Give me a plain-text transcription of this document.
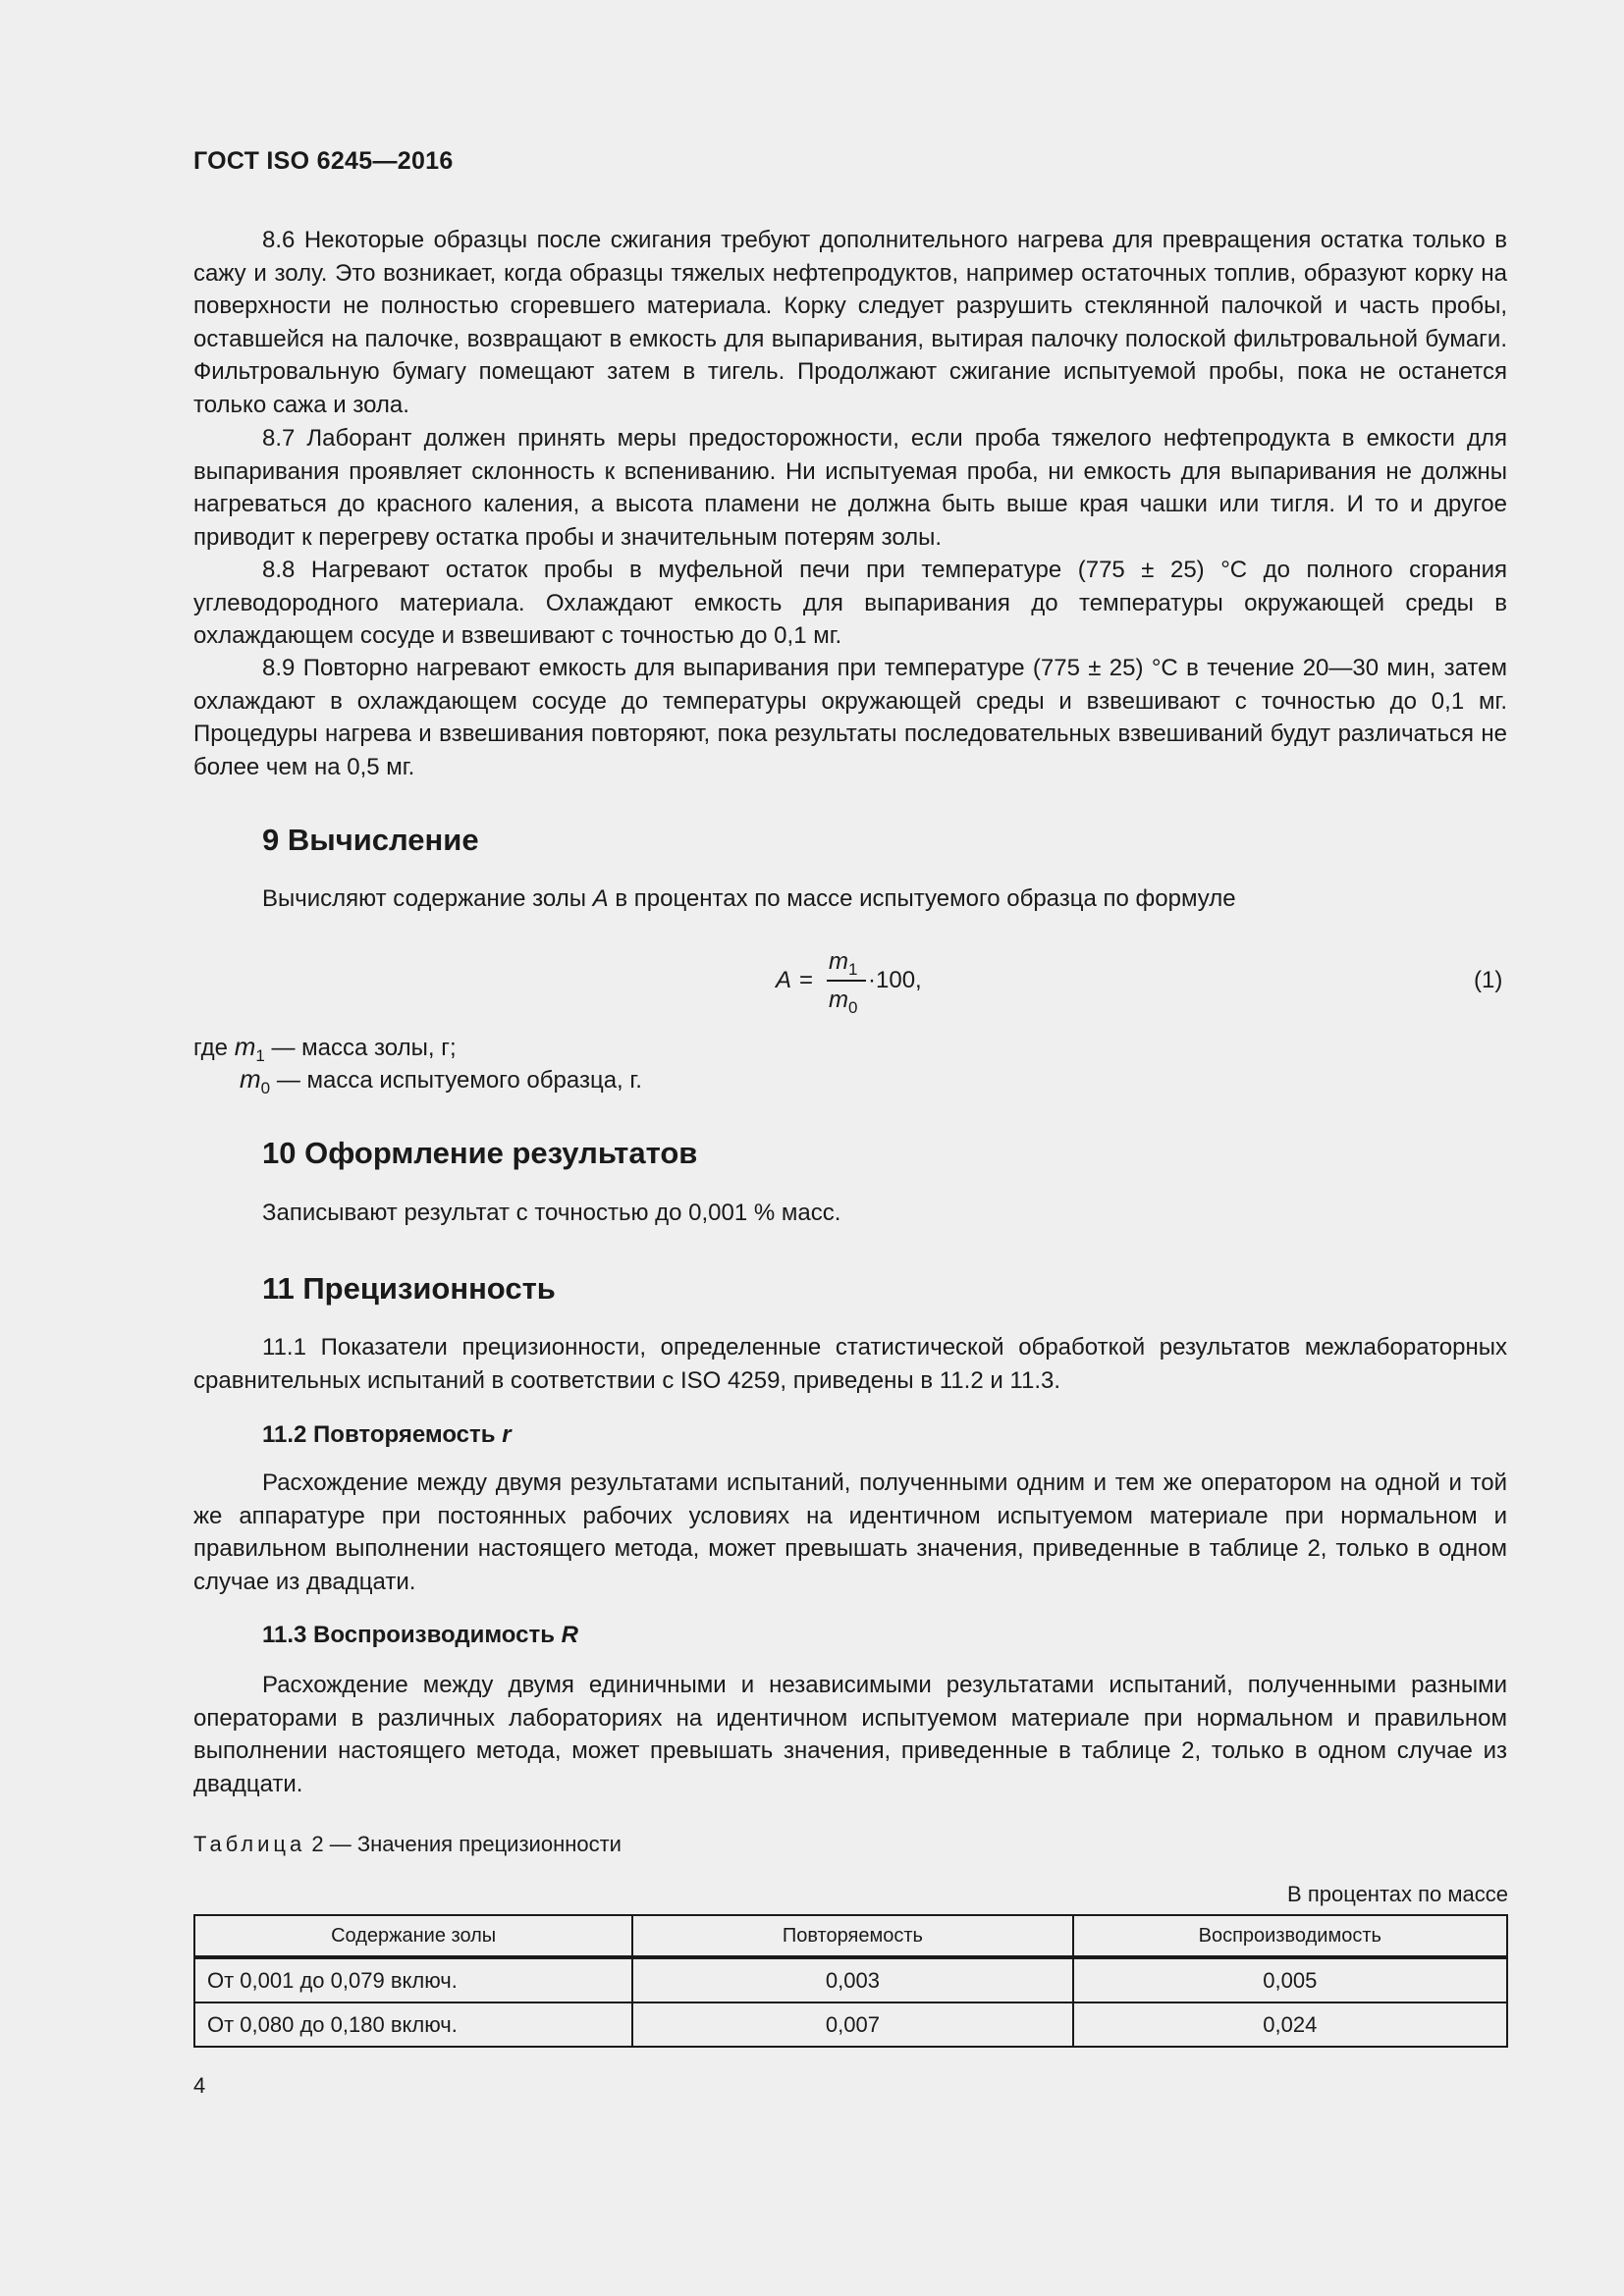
ГОСТ ISO 6245—2016

8.6 Некоторые образцы после сжигания требуют дополнительного нагрева для превращения остатка только в сажу и золу. Это возникает, когда образцы тяжелых нефтепродуктов, например остаточных топлив, образуют корку на поверхности не полностью сгоревшего материала. Корку следует разрушить стеклянной палочкой и часть пробы, оставшейся на палочке, возвращают в емкость для выпаривания, вытирая палочку полоской фильтровальной бумаги. Фильтровальную бумагу помещают затем в тигель. Продолжают сжигание испытуемой пробы, пока не останется только сажа и зола.

8.7 Лаборант должен принять меры предосторожности, если проба тяжелого нефтепродукта в емкости для выпаривания проявляет склонность к вспениванию. Ни испытуемая проба, ни емкость для выпаривания не должны нагреваться до красного каления, а высота пламени не должна быть выше края чашки или тигля. И то и другое приводит к перегреву остатка пробы и значительным потерям золы.

8.8 Нагревают остаток пробы в муфельной печи при температуре (775 ± 25) °С до полного сгорания углеводородного материала. Охлаждают емкость для выпаривания до температуры окружающей среды в охлаждающем сосуде и взвешивают с точностью до 0,1 мг.

8.9 Повторно нагревают емкость для выпаривания при температуре (775 ± 25) °С в течение 20—30 мин, затем охлаждают в охлаждающем сосуде до температуры окружающей среды и взвешивают с точностью до 0,1 мг. Процедуры нагрева и взвешивания повторяют, пока результаты последовательных взвешиваний будут различаться не более чем на 0,5 мг.

9 Вычисление

Вычисляют содержание золы A в процентах по массе испытуемого образца по формуле

A =
$m_1$
$m_0$
·100,	(1)
где $m_1$ — масса золы, г;
$m_0$ — масса испытуемого образца, г.
10 Оформление результатов

Записывают результат с точностью до 0,001 % масс.

11 Прецизионность

11.1 Показатели прецизионности, определенные статистической обработкой результатов межлабораторных сравнительных испытаний в соответствии с ISO 4259, приведены в 11.2 и 11.3.

11.2 Повторяемость r

Расхождение между двумя результатами испытаний, полученными одним и тем же оператором на одной и той же аппаратуре при постоянных рабочих условиях на идентичном испытуемом материале при нормальном и правильном выполнении настоящего метода, может превышать значения, приведенные в таблице 2, только в одном случае из двадцати.

11.3 Воспроизводимость R

Расхождение между двумя единичными и независимыми результатами испытаний, полученными разными операторами в различных лабораториях на идентичном испытуемом материале при нормальном и правильном выполнении настоящего метода, может превышать значения, приведенные в таблице 2, только в одном случае из двадцати.

Таблица 2 — Значения прецизионности
В процентах по массе
Содержание золы	Повторяемость	Воспроизводимость
От 0,001 до 0,079 включ.	0,003	0,005
От 0,080 до 0,180 включ.	0,007	0,024
4
